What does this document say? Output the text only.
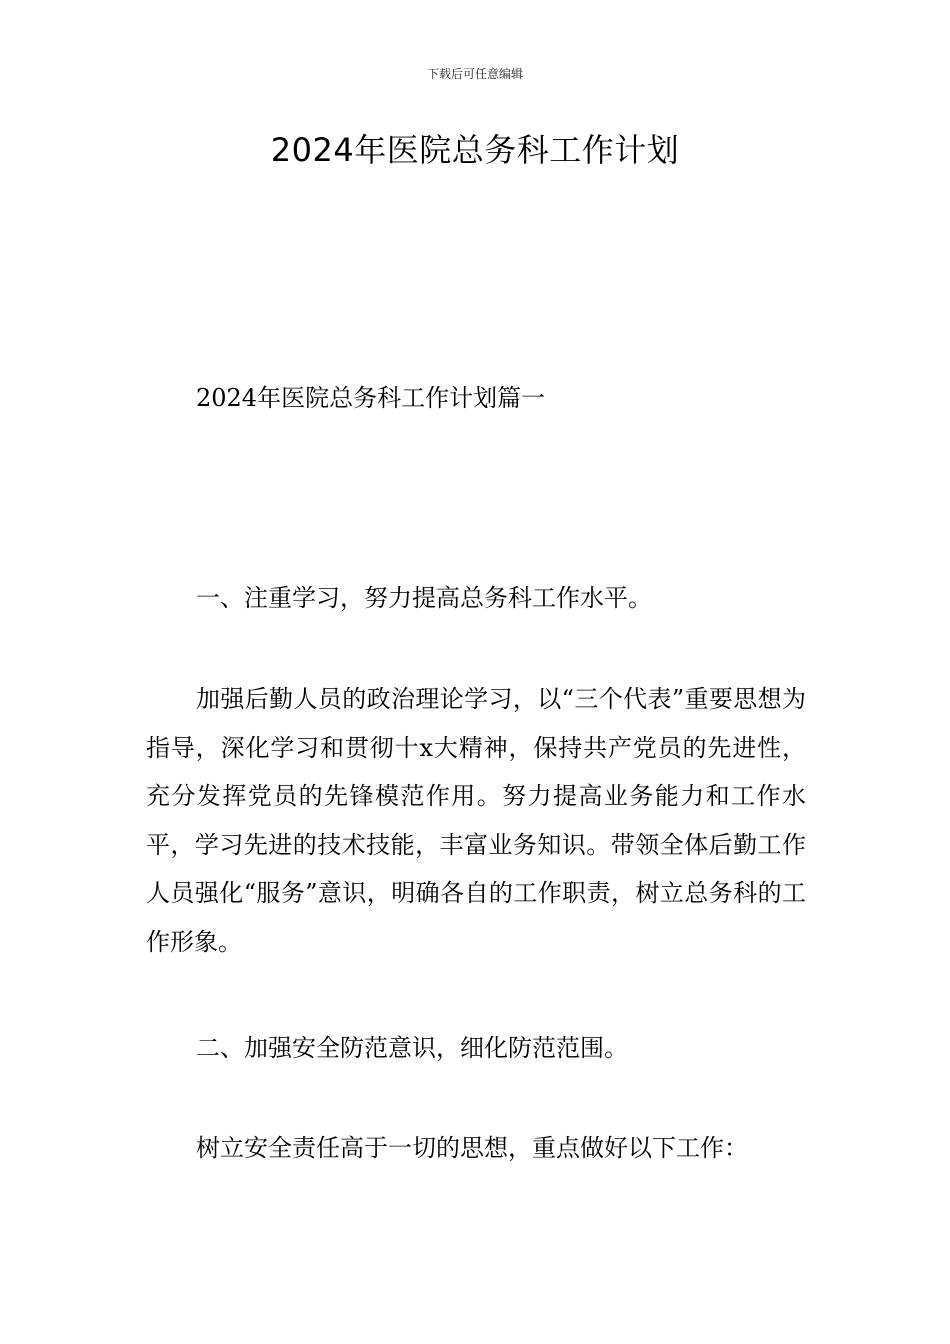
下载后可任意编辑
2024年医院总务科工作计划

2024年医院总务科工作计划篇一

一、注重学习，努力提高总务科工作水平。

加强后勤人员的政治理论学习，以“三个代表”重要思想为指导，深化学习和贯彻十x大精神，保持共产党员的先进性，充分发挥党员的先锋模范作用。努力提高业务能力和工作水平，学习先进的技术技能，丰富业务知识。带领全体后勤工作人员强化“服务”意识，明确各自的工作职责，树立总务科的工作形象。

二、加强安全防范意识，细化防范范围。

树立安全责任高于一切的思想，重点做好以下工作：
